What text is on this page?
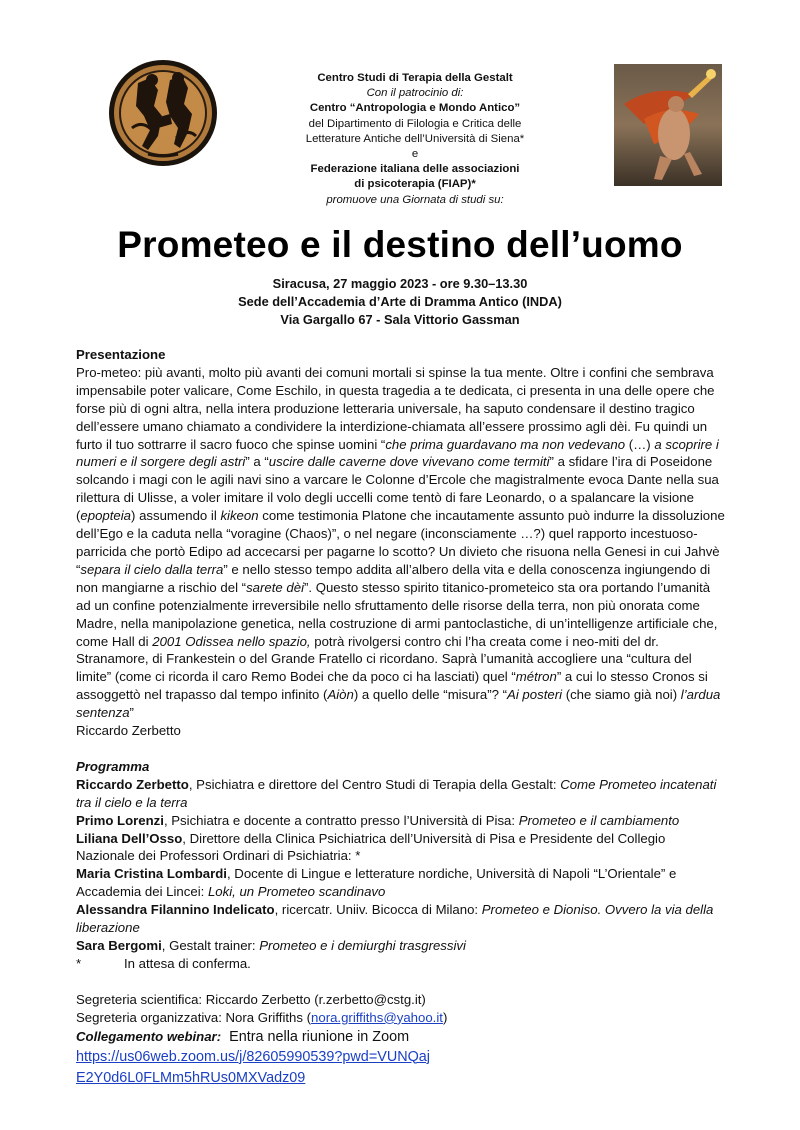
Centro Studi di Terapia della Gestalt
Con il patrocinio di:
Centro “Antropologia e Mondo Antico”
del Dipartimento di Filologia e Critica delle
Letterature Antiche dell’Università di Siena*
e
Federazione italiana delle associazioni
di psicoterapia (FIAP)*
promuove una Giornata di studi su:
Prometeo e il destino dell’uomo
Siracusa, 27 maggio 2023 - ore 9.30–13.30
Sede dell’Accademia d’Arte di Dramma Antico (INDA)
Via Gargallo 67 - Sala Vittorio Gassman

Presentazione

Pro-meteo: più avanti, molto più avanti dei comuni mortali si spinse la tua mente. Oltre i confini che sembrava impensabile poter valicare, Come Eschilo, in questa tragedia a te dedicata, ci presenta in una delle opere che forse più di ogni altra, nella intera produzione letteraria universale, ha saputo condensare il destino tragico dell’essere umano chiamato a condividere la interdizione-chiamata all’essere prossimo agli dèi. Fu quindi un furto il tuo sottrarre il sacro fuoco che spinse uomini “che prima guardavano ma non vedevano (…) a scoprire i numeri e il sorgere degli astri” a “uscire dalle caverne dove vivevano come termiti” a sfidare l’ira di Poseidone solcando i magi con le agili navi sino a varcare le Colonne d’Ercole che magistralmente evoca Dante nella sua rilettura di Ulisse, a voler imitare il volo degli uccelli come tentò di fare Leonardo, o a spalancare la visione (epopteia) assumendo il kikeon come testimonia Platone che incautamente assunto può indurre la dissoluzione dell’Ego e la caduta nella “voragine (Chaos)”, o nel negare (inconsciamente …?) quel rapporto incestuoso-parricida che portò Edipo ad accecarsi per pagarne lo scotto? Un divieto che risuona nella Genesi in cui Jahvè “separa il cielo dalla terra” e nello stesso tempo addita all’albero della vita e della conoscenza ingiungendo di non mangiarne a rischio del “sarete dèi”. Questo stesso spirito titanico-prometeico sta ora portando l’umanità ad un confine potenzialmente irreversibile nello sfruttamento delle risorse della terra, non più onorata come Madre, nella manipolazione genetica, nella costruzione di armi pantoclastiche, di un’intelligenze artificiale che, come Hall di 2001 Odissea nello spazio, potrà rivolgersi contro chi l’ha creata come i neo-miti del dr. Stranamore, di Frankestein o del Grande Fratello ci ricordano. Saprà l’umanità accogliere una “cultura del limite” (come ci ricorda il caro Remo Bodei che da poco ci ha lasciati) quel “métron” a cui lo stesso Cronos si assoggettò nel trapasso dal tempo infinito (Aiòn) a quello delle “misura”? “Ai posteri (che siamo già noi) l’ardua sentenza”

Riccardo Zerbetto

Programma

Riccardo Zerbetto, Psichiatra e direttore del Centro Studi di Terapia della Gestalt: Come Prometeo incatenati tra il cielo e la terra

Primo Lorenzi, Psichiatra e docente a contratto presso l’Università di Pisa: Prometeo e il cambiamento

Liliana Dell’Osso, Direttore della Clinica Psichiatrica dell’Università di Pisa e Presidente del Collegio Nazionale dei Professori Ordinari di Psichiatria: *

Maria Cristina Lombardi, Docente di Lingue e letterature nordiche, Università di Napoli “L’Orientale” e Accademia dei Lincei: Loki, un Prometeo scandinavo

Alessandra Filannino Indelicato, ricercatr. Uniiv. Bicocca di Milano: Prometeo e Dioniso. Ovvero la via della liberazione

Sara Bergomi, Gestalt trainer: Prometeo e i demiurghi trasgressivi

*	In attesa di conferma.

Segreteria scientifica: Riccardo Zerbetto (r.zerbetto@cstg.it)

Segreteria organizzativa: Nora Griffiths (nora.griffiths@yahoo.it)

Collegamento webinar: Entra nella riunione in Zoom

https://us06web.zoom.us/j/82605990539?pwd=VUNQaj

E2Y0d6L0FLMm5hRUs0MXVadz09
